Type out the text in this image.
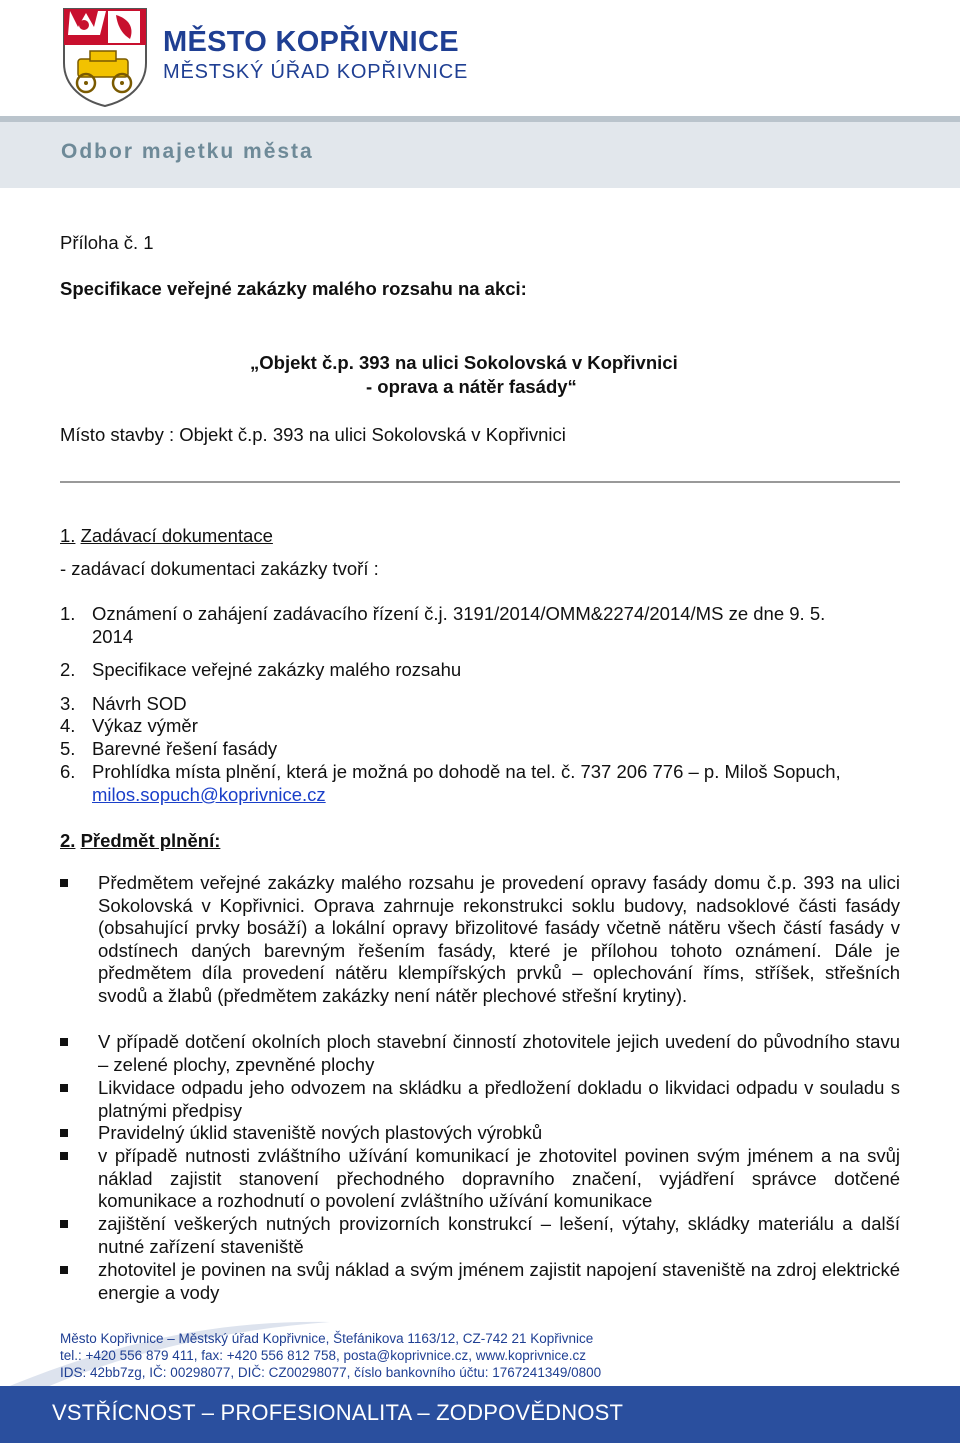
MĚSTO KOPŘIVNICE
MĚSTSKÝ ÚŘAD KOPŘIVNICE
Odbor majetku města
Příloha č. 1
Specifikace veřejné zakázky malého rozsahu na akci:
„Objekt č.p. 393 na ulici Sokolovská v Kopřivnici
- oprava a nátěr fasády“
Místo stavby : Objekt č.p. 393 na ulici Sokolovská v Kopřivnici
1. Zadávací dokumentace
- zadávací dokumentaci zakázky tvoří :
1. Oznámení o zahájení zadávacího řízení č.j. 3191/2014/OMM&2274/2014/MS ze dne 9. 5.
2014
2. Specifikace veřejné zakázky malého rozsahu
3. Návrh SOD
4. Výkaz výměr
5. Barevné řešení fasády
6. Prohlídka místa plnění, která je možná po dohodě na tel. č. 737 206 776 – p. Miloš Sopuch,
milos.sopuch@koprivnice.cz
2. Předmět plnění:
Předmětem veřejné zakázky malého rozsahu je provedení opravy fasády domu č.p. 393 na ulici Sokolovská v Kopřivnici. Oprava zahrnuje rekonstrukci soklu budovy, nadsoklové části fasády (obsahující prvky bosáží) a lokální opravy břizolitové fasády včetně nátěru všech částí fasády v odstínech daných barevným řešením fasády, které je přílohou tohoto oznámení. Dále je předmětem díla provedení nátěru klempířských prvků – oplechování říms, stříšek, střešních svodů a žlabů (předmětem zakázky není nátěr plechové střešní krytiny).
V případě dotčení okolních ploch stavební činností zhotovitele jejich uvedení do původního stavu – zelené plochy, zpevněné plochy
Likvidace odpadu jeho odvozem na skládku a předložení dokladu o likvidaci odpadu v souladu s platnými předpisy
Pravidelný úklid staveniště nových plastových výrobků
v případě nutnosti zvláštního užívání komunikací je zhotovitel povinen svým jménem a na svůj náklad zajistit stanovení přechodného dopravního značení, vyjádření správce dotčené komunikace a rozhodnutí o povolení zvláštního užívání komunikace
zajištění veškerých nutných provizorních konstrukcí – lešení, výtahy, skládky materiálu a další nutné zařízení staveniště
zhotovitel je povinen na svůj náklad a svým jménem zajistit napojení staveniště na zdroj elektrické energie a vody
Město Kopřivnice – Městský úřad Kopřivnice, Štefánikova 1163/12, CZ-742 21 Kopřivnice
tel.: +420 556 879 411, fax: +420 556 812 758, posta@koprivnice.cz, www.koprivnice.cz
IDS: 42bb7zg, IČ: 00298077, DIČ: CZ00298077, číslo bankovního účtu: 1767241349/0800
VSTŘÍCNOST – PROFESIONALITA – ZODPOVĚDNOST
